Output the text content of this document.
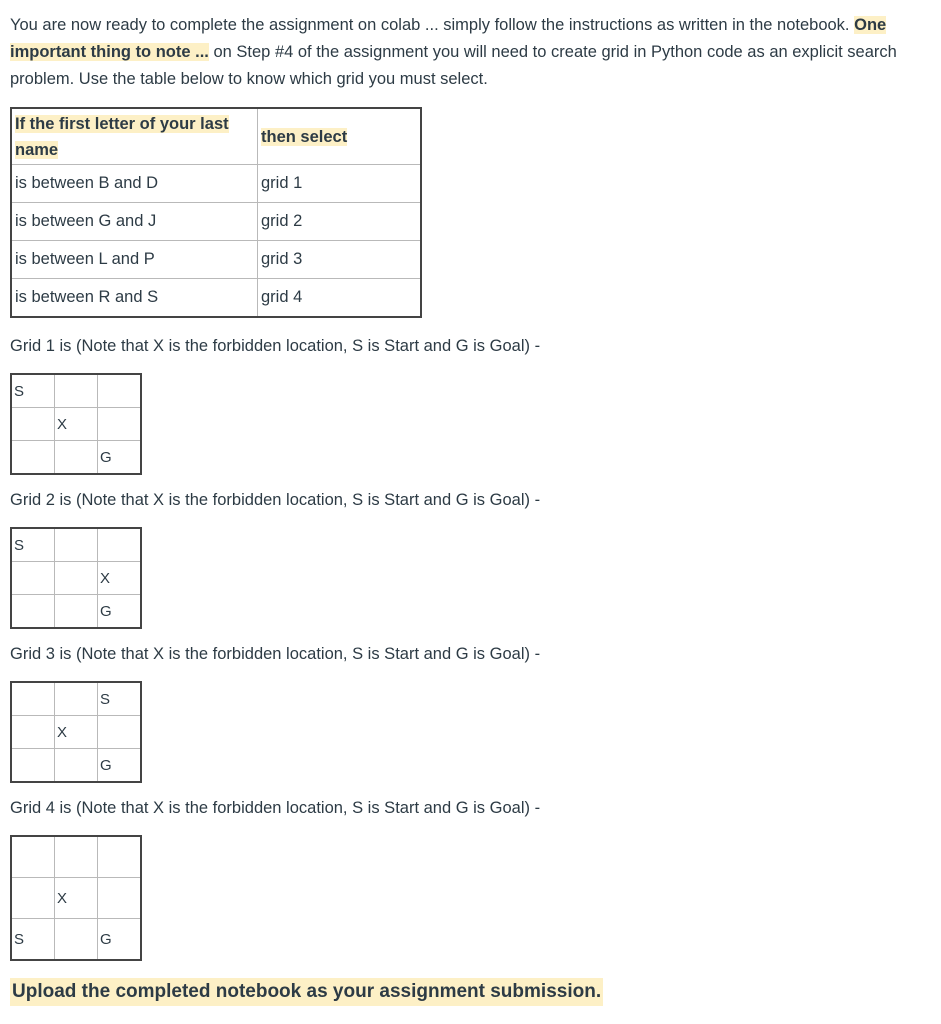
You are now ready to complete the assignment on colab ... simply follow the instructions as written in the notebook. One important thing to note ... on Step #4 of the assignment you will need to create grid in Python code as an explicit search problem. Use the table below to know which grid you must select.
If the first letter of your last name	then select
is between B and D	grid 1
is between G and J	grid 2
is between L and P	grid 3
is between R and S	grid 4
Grid 1 is (Note that X is the forbidden location, S is Start and G is Goal) -
S		
	X	
		G
Grid 2 is (Note that X is the forbidden location, S is Start and G is Goal) -
S		
		X
		G
Grid 3 is (Note that X is the forbidden location, S is Start and G is Goal) -
		S
	X	
		G
Grid 4 is (Note that X is the forbidden location, S is Start and G is Goal) -

	X	
S		G
Upload the completed notebook as your assignment submission.
